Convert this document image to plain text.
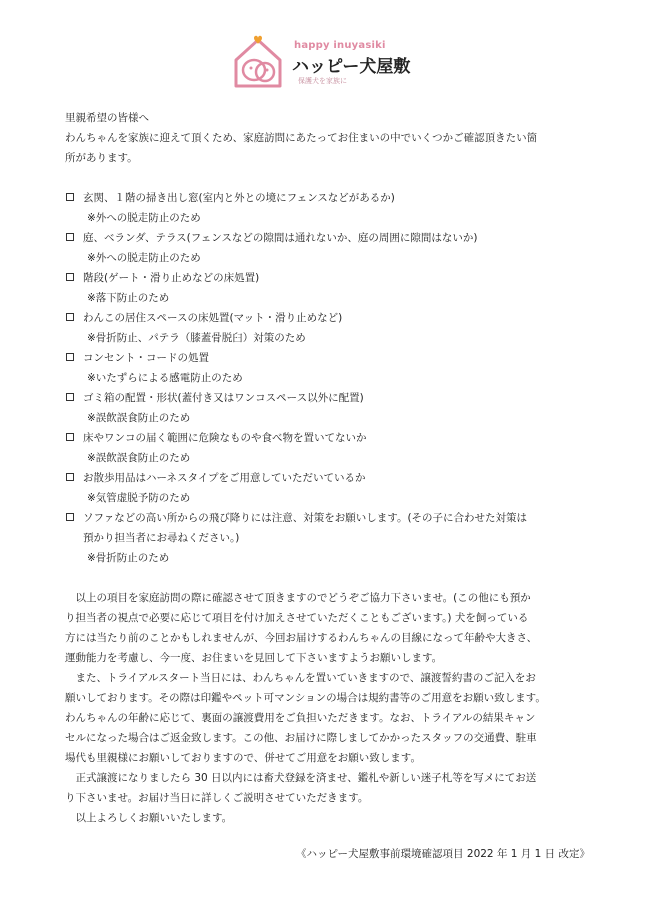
happy inuyasiki
ハッピー犬屋敷
保護犬を家族に

里親希望の皆様へ

わんちゃんを家族に迎えて頂くため、家庭訪問にあたってお住まいの中でいくつかご確認頂きたい箇

所があります。

玄関、１階の掃き出し窓(室内と外との境にフェンスなどがあるか)
※外への脱走防止のため
庭、ベランダ、テラス(フェンスなどの隙間は通れないか、庭の周囲に隙間はないか)
※外への脱走防止のため
階段(ゲート・滑り止めなどの床処置)
※落下防止のため
わんこの居住スペースの床処置(マット・滑り止めなど)
※骨折防止、パテラ（膝蓋骨脱臼）対策のため
コンセント・コードの処置
※いたずらによる感電防止のため
ゴミ箱の配置・形状(蓋付き又はワンコスペース以外に配置)
※誤飲誤食防止のため
床やワンコの届く範囲に危険なものや食べ物を置いてないか
※誤飲誤食防止のため
お散歩用品はハーネスタイプをご用意していただいているか
※気管虚脱予防のため
ソファなどの高い所からの飛び降りには注意、対策をお願いします。(その子に合わせた対策は
預かり担当者にお尋ねください。)
※骨折防止のため

以上の項目を家庭訪問の際に確認させて頂きますのでどうぞご協力下さいませ。(この他にも預か

り担当者の視点で必要に応じて項目を付け加えさせていただくこともございます。) 犬を飼っている

方には当たり前のことかもしれませんが、今回お届けするわんちゃんの目線になって年齢や大きさ、

運動能力を考慮し、今一度、お住まいを見回して下さいますようお願いします。

また、トライアルスタート当日には、わんちゃんを置いていきますので、譲渡誓約書のご記入をお

願いしております。その際は印鑑やペット可マンションの場合は規約書等のご用意をお願い致します。

わんちゃんの年齢に応じて、裏面の譲渡費用をご負担いただきます。なお、トライアルの結果キャン

セルになった場合はご返金致します。この他、お届けに際しましてかかったスタッフの交通費、駐車

場代も里親様にお願いしておりますので、併せてご用意をお願い致します。

正式譲渡になりましたら 30 日以内には畜犬登録を済ませ、鑑札や新しい迷子札等を写メにてお送

り下さいませ。お届け当日に詳しくご説明させていただきます。

以上よろしくお願いいたします。

《ハッピー犬屋敷事前環境確認項目 2022 年 1 月 1 日 改定》
